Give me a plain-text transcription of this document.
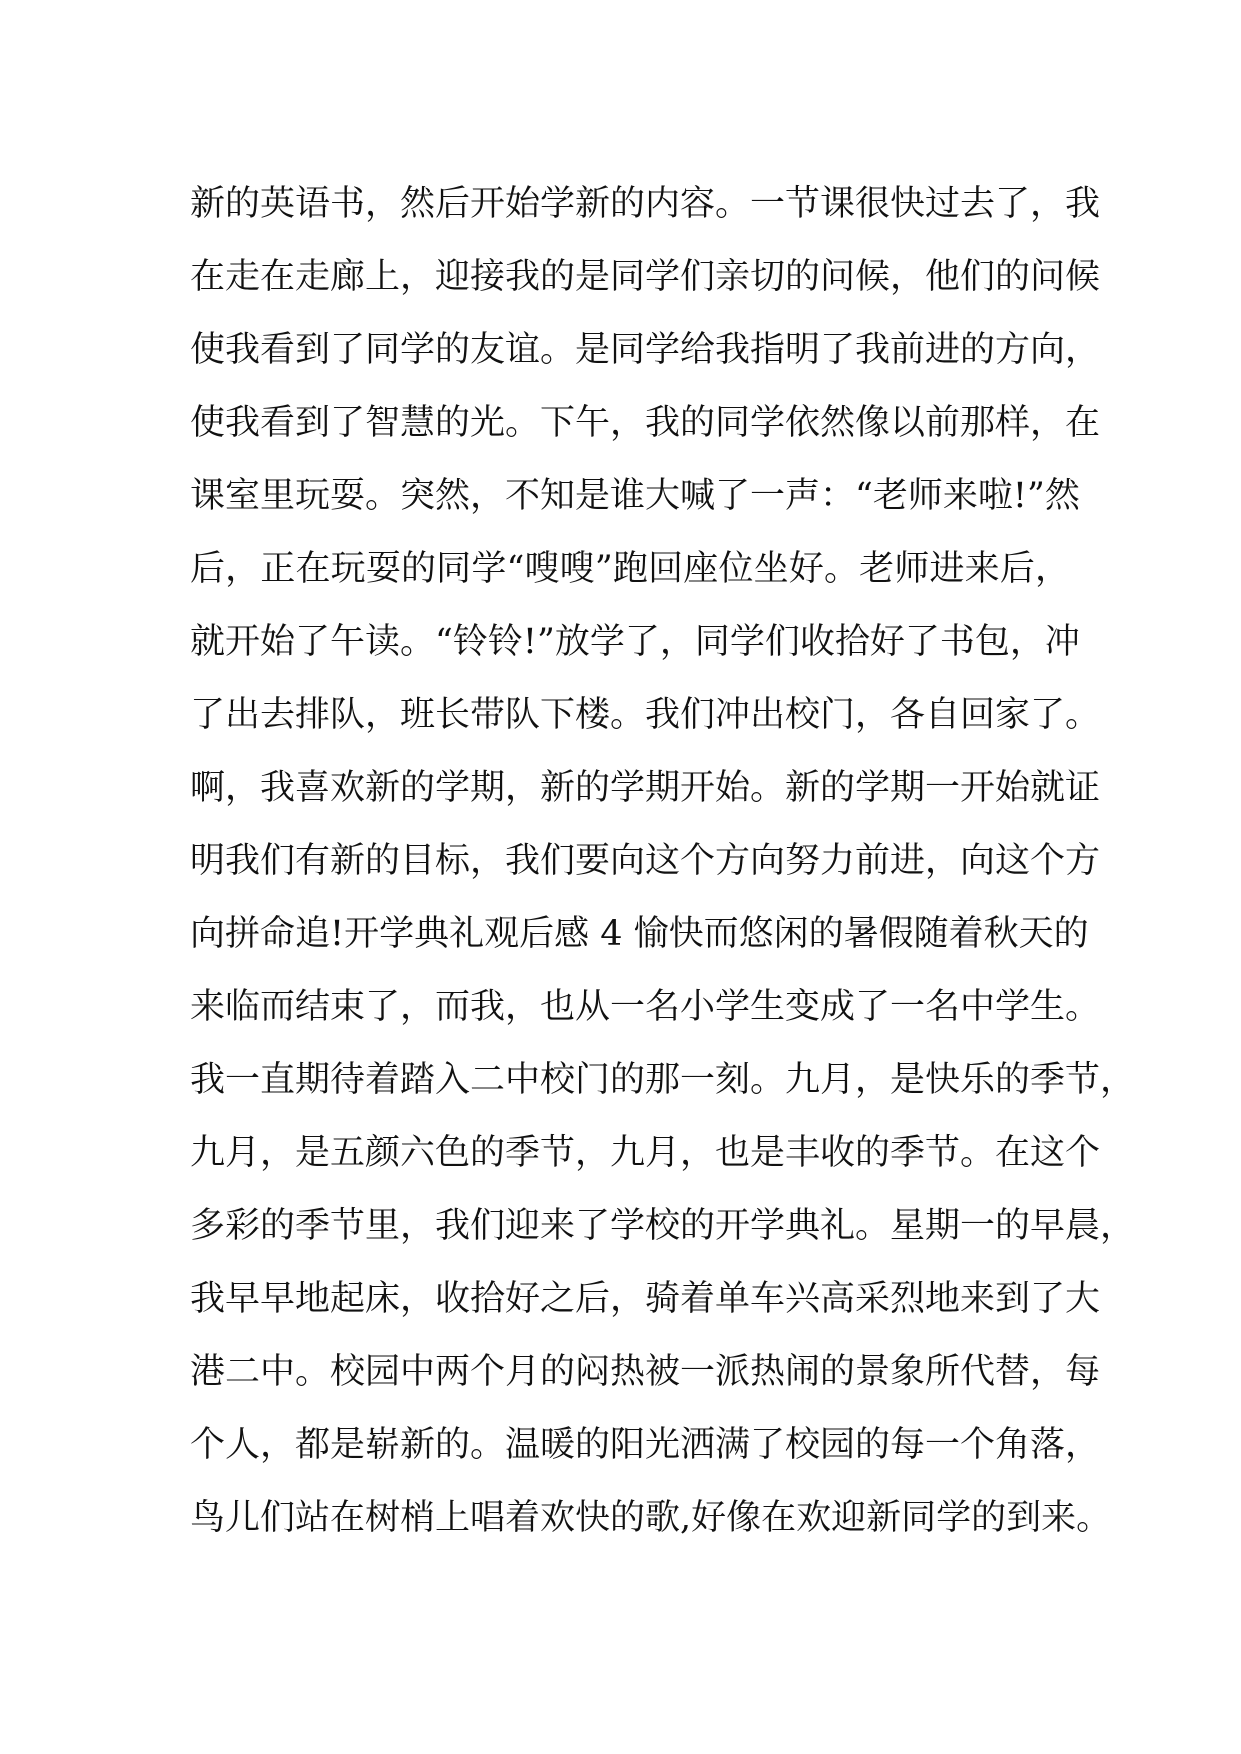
新的英语书，然后开始学新的内容。一节课很快过去了，我
在走在走廊上，迎接我的是同学们亲切的问候，他们的问候
使我看到了同学的友谊。是同学给我指明了我前进的方向，
使我看到了智慧的光。下午，我的同学依然像以前那样，在
课室里玩耍。突然，不知是谁大喊了一声：“老师来啦!”然
后，正在玩耍的同学“嗖嗖”跑回座位坐好。老师进来后，
就开始了午读。“铃铃!”放学了，同学们收拾好了书包，冲
了出去排队，班长带队下楼。我们冲出校门，各自回家了。
啊，我喜欢新的学期，新的学期开始。新的学期一开始就证
明我们有新的目标，我们要向这个方向努力前进，向这个方
向拼命追!开学典礼观后感 4 愉快而悠闲的暑假随着秋天的
来临而结束了，而我，也从一名小学生变成了一名中学生。
我一直期待着踏入二中校门的那一刻。九月，是快乐的季节，
九月，是五颜六色的季节，九月，也是丰收的季节。在这个
多彩的季节里，我们迎来了学校的开学典礼。星期一的早晨，
我早早地起床，收拾好之后，骑着单车兴高采烈地来到了大
港二中。校园中两个月的闷热被一派热闹的景象所代替，每
个人，都是崭新的。温暖的阳光洒满了校园的每一个角落，
鸟儿们站在树梢上唱着欢快的歌,好像在欢迎新同学的到来。
